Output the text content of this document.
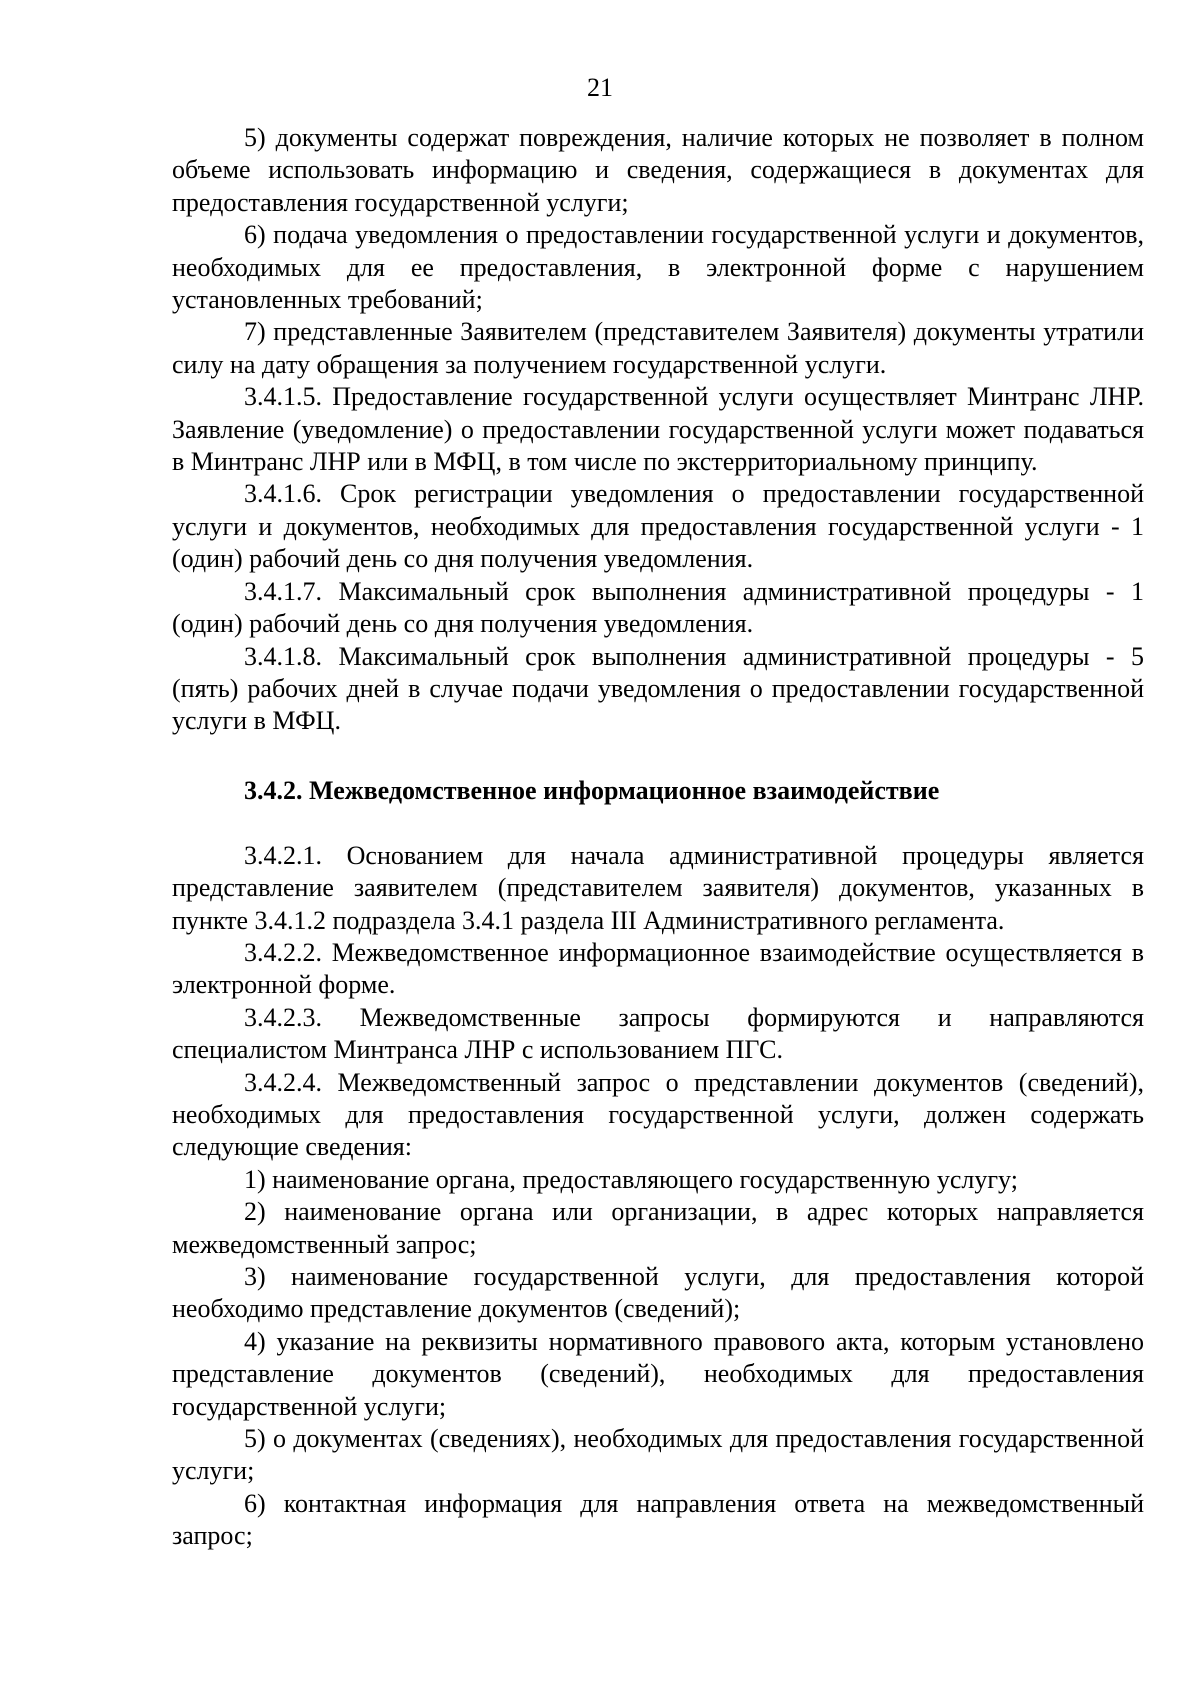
21

5) документы содержат повреждения, наличие которых не позволяет в полном объеме использовать информацию и сведения, содержащиеся в документах для предоставления государственной услуги;

6) подача уведомления о предоставлении государственной услуги и документов, необходимых для ее предоставления, в электронной форме с нарушением установленных требований;

7) представленные Заявителем (представителем Заявителя) документы утратили силу на дату обращения за получением государственной услуги.

3.4.1.5. Предоставление государственной услуги осуществляет Минтранс ЛНР. Заявление (уведомление) о предоставлении государственной услуги может подаваться в Минтранс ЛНР или в МФЦ, в том числе по экстерриториальному принципу.

3.4.1.6. Срок регистрации уведомления о предоставлении государственной услуги и документов, необходимых для предоставления государственной услуги - 1 (один) рабочий день со дня получения уведомления.

3.4.1.7. Максимальный срок выполнения административной процедуры - 1 (один) рабочий день со дня получения уведомления.

3.4.1.8. Максимальный срок выполнения административной процедуры - 5 (пять) рабочих дней в случае подачи уведомления о предоставлении государственной услуги в МФЦ.

3.4.2. Межведомственное информационное взаимодействие

3.4.2.1. Основанием для начала административной процедуры является представление заявителем (представителем заявителя) документов, указанных в пункте 3.4.1.2 подраздела 3.4.1 раздела III Административного регламента.

3.4.2.2. Межведомственное информационное взаимодействие осуществляется в электронной форме.

3.4.2.3. Межведомственные запросы формируются и направляются специалистом Минтранса ЛНР с использованием ПГС.

3.4.2.4. Межведомственный запрос о представлении документов (сведений), необходимых для предоставления государственной услуги, должен содержать следующие сведения:

1) наименование органа, предоставляющего государственную услугу;

2) наименование органа или организации, в адрес которых направляется межведомственный запрос;

3) наименование государственной услуги, для предоставления которой необходимо представление документов (сведений);

4) указание на реквизиты нормативного правового акта, которым установлено представление документов (сведений), необходимых для предоставления государственной услуги;

5) о документах (сведениях), необходимых для предоставления государственной услуги;

6) контактная информация для направления ответа на межведомственный запрос;
